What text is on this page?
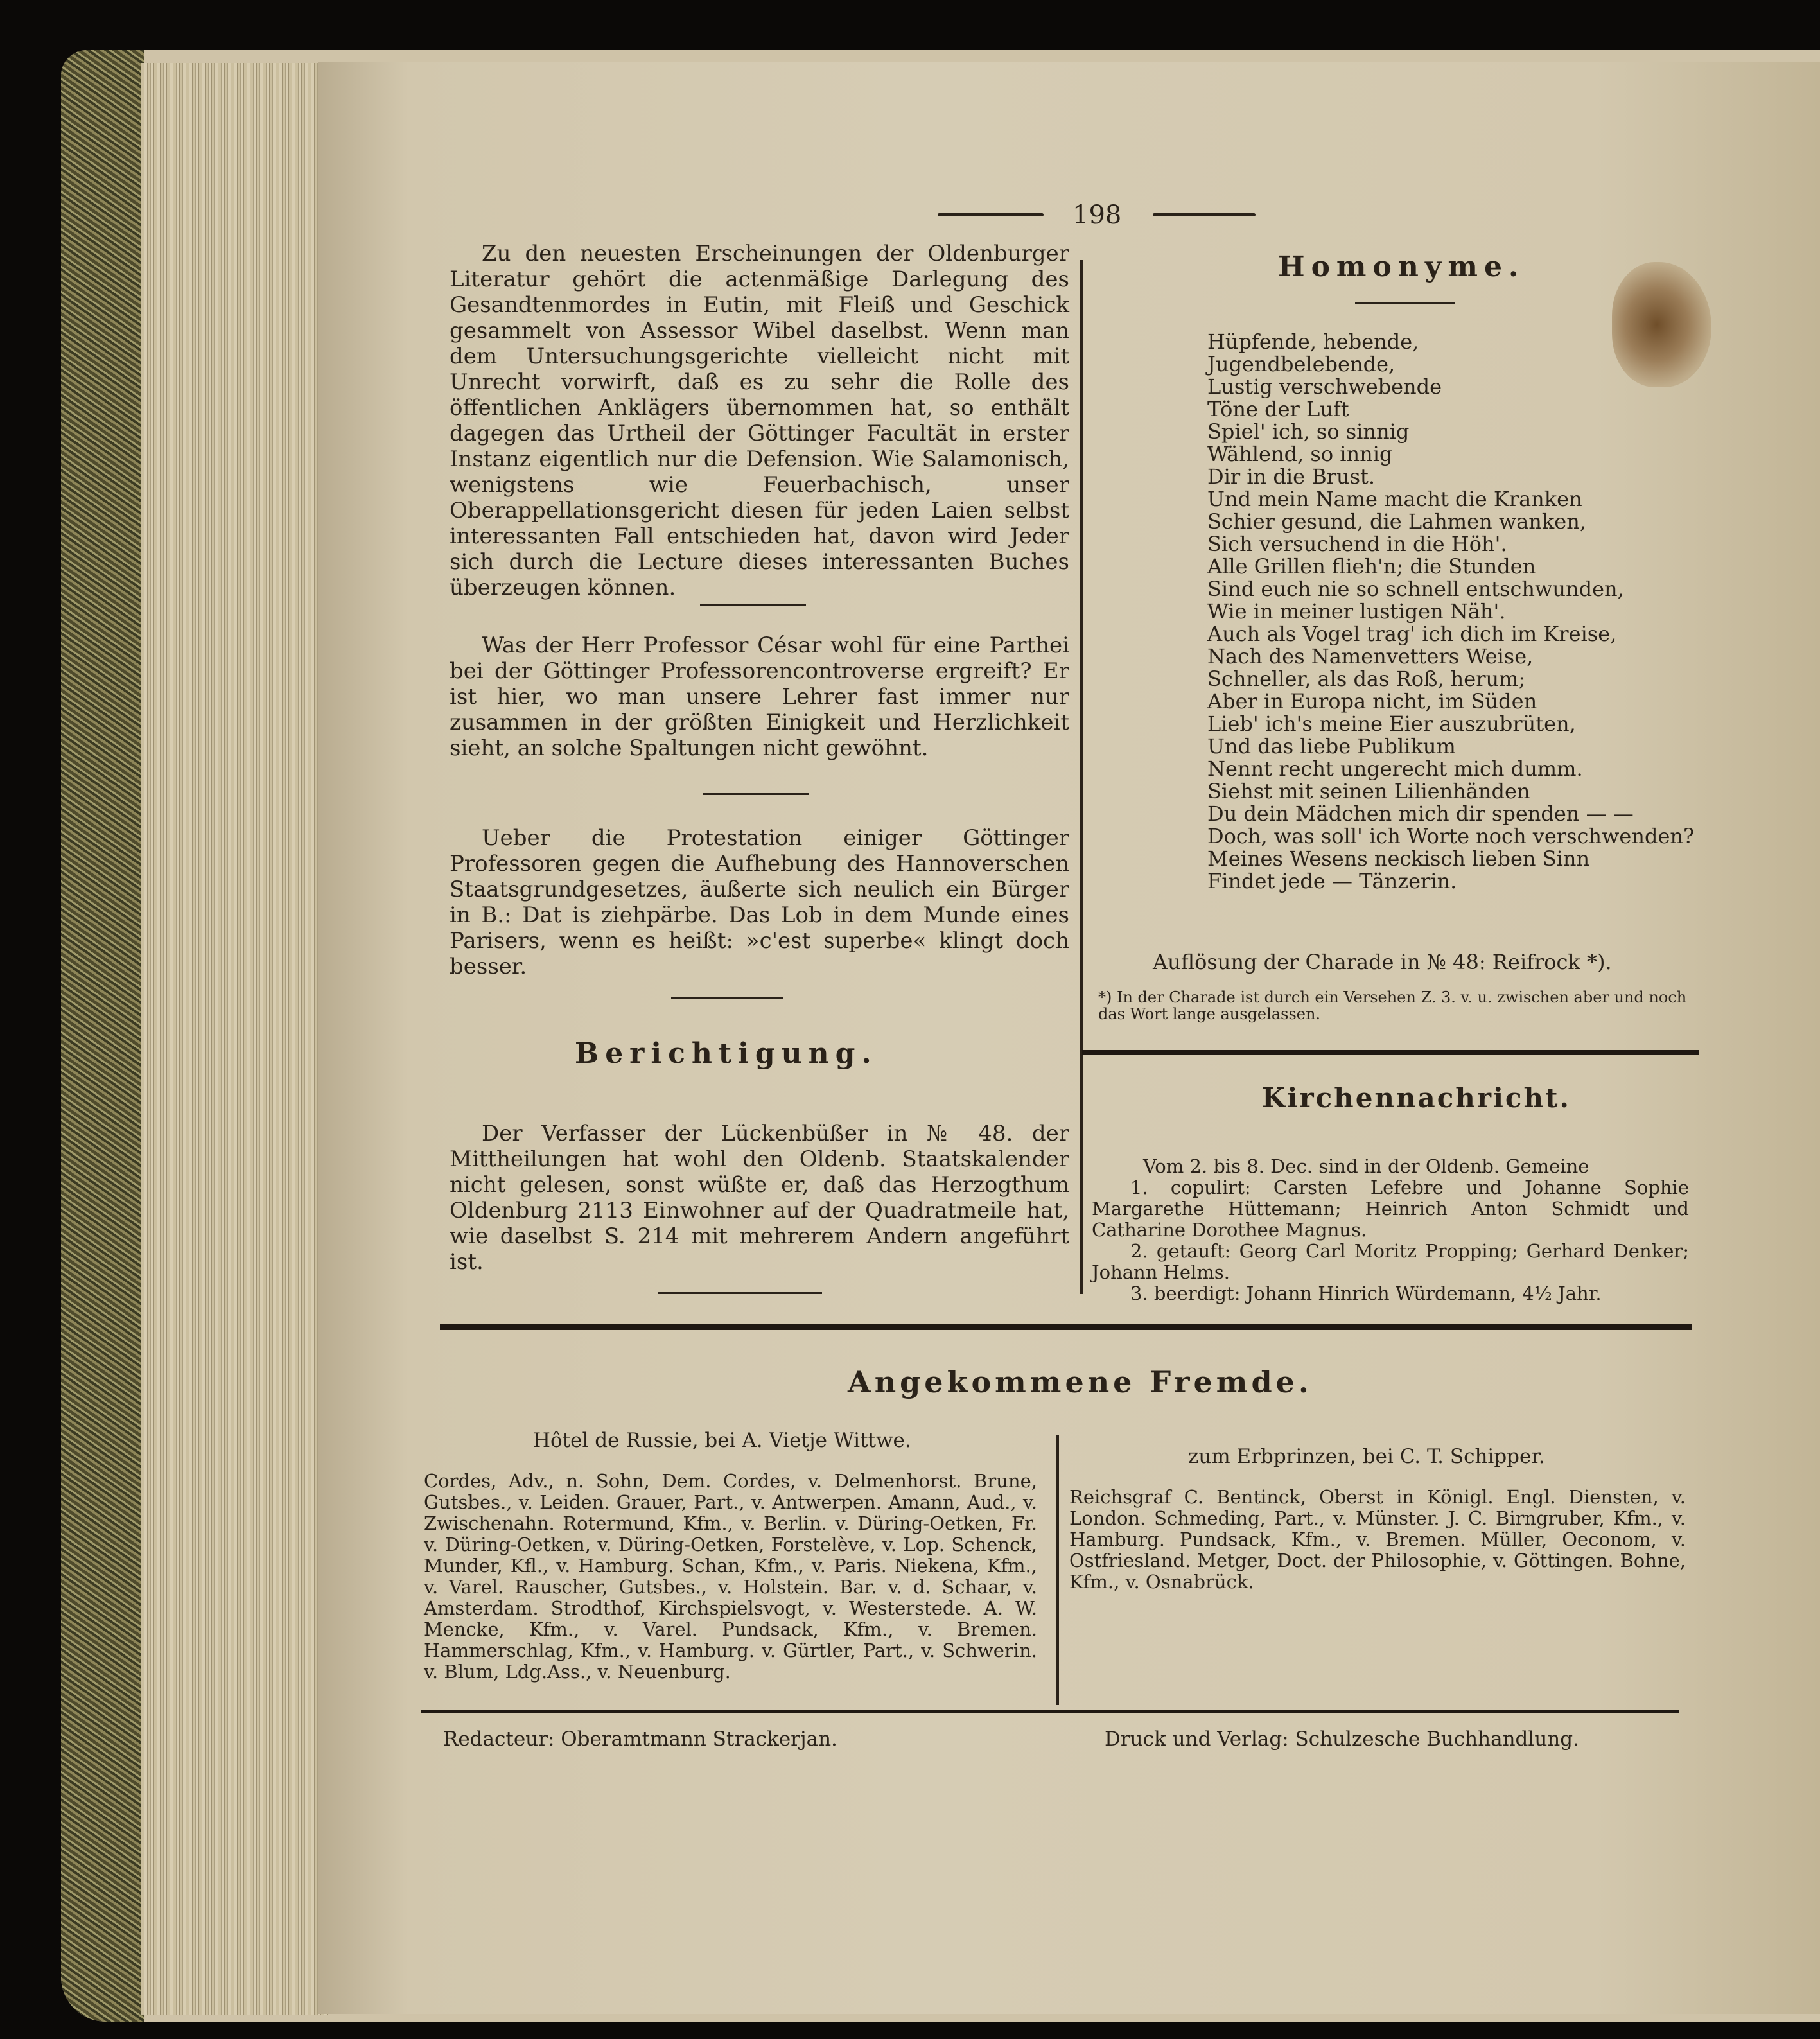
198

Zu den neuesten Erscheinungen der Oldenburger Literatur gehört die actenmäßige Darlegung des Gesandtenmordes in Eutin, mit Fleiß und Geschick gesammelt von Assessor Wibel daselbst. Wenn man dem Untersuchungsgerichte vielleicht nicht mit Unrecht vorwirft, daß es zu sehr die Rolle des öffentlichen Anklägers übernommen hat, so enthält dagegen das Urtheil der Göttinger Facultät in erster Instanz eigentlich nur die Defension. Wie Salamonisch, wenigstens wie Feuerbachisch, unser Oberappellationsgericht diesen für jeden Laien selbst interessanten Fall entschieden hat, davon wird Jeder sich durch die Lecture dieses interessanten Buches überzeugen können.

Was der Herr Professor César wohl für eine Parthei bei der Göttinger Professorencontroverse ergreift? Er ist hier, wo man unsere Lehrer fast immer nur zusammen in der größten Einigkeit und Herzlichkeit sieht, an solche Spaltungen nicht gewöhnt.

Ueber die Protestation einiger Göttinger Professoren gegen die Aufhebung des Hannoverschen Staatsgrundgesetzes, äußerte sich neulich ein Bürger in B.: Dat is ziehpärbe. Das Lob in dem Munde eines Parisers, wenn es heißt: »c'est superbe« klingt doch besser.

Berichtigung.

Der Verfasser der Lückenbüßer in № 48. der Mittheilungen hat wohl den Oldenb. Staatskalender nicht gelesen, sonst wüßte er, daß das Herzogthum Oldenburg 2113 Einwohner auf der Quadratmeile hat, wie daselbst S. 214 mit mehrerem Andern angeführt ist.

Homonyme.
Hüpfende, hebende,
Jugendbelebende,
Lustig verschwebende
Töne der Luft
Spiel' ich, so sinnig
Wählend, so innig
Dir in die Brust.
Und mein Name macht die Kranken
Schier gesund, die Lahmen wanken,
Sich versuchend in die Höh'.
Alle Grillen flieh'n; die Stunden
Sind euch nie so schnell entschwunden,
Wie in meiner lustigen Näh'.
Auch als Vogel trag' ich dich im Kreise,
Nach des Namenvetters Weise,
Schneller, als das Roß, herum;
Aber in Europa nicht, im Süden
Lieb' ich's meine Eier auszubrüten,
Und das liebe Publikum
Nennt recht ungerecht mich dumm.
Siehst mit seinen Lilienhänden
Du dein Mädchen mich dir spenden — —
Doch, was soll' ich Worte noch verschwenden?
Meines Wesens neckisch lieben Sinn
Findet jede — Tänzerin.
Auflösung der Charade in № 48: Reifrock *).
*) In der Charade ist durch ein Versehen Z. 3. v. u. zwischen aber und noch das Wort lange ausgelassen.
Kirchennachricht.

Vom 2. bis 8. Dec. sind in der Oldenb. Gemeine

1. copulirt: Carsten Lefebre und Johanne Sophie Margarethe Hüttemann; Heinrich Anton Schmidt und Catharine Dorothee Magnus.

2. getauft: Georg Carl Moritz Propping; Gerhard Denker; Johann Helms.

3. beerdigt: Johann Hinrich Würdemann, 4½ Jahr.

Angekommene Fremde.
Hôtel de Russie, bei A. Vietje Wittwe.

Cordes, Adv., n. Sohn, Dem. Cordes, v. Delmenhorst. Brune, Gutsbes., v. Leiden. Grauer, Part., v. Antwerpen. Amann, Aud., v. Zwischenahn. Rotermund, Kfm., v. Berlin. v. Düring-Oetken, Fr. v. Düring-Oetken, v. Düring-Oetken, Forstelève, v. Lop. Schenck, Munder, Kfl., v. Hamburg. Schan, Kfm., v. Paris. Niekena, Kfm., v. Varel. Rauscher, Gutsbes., v. Holstein. Bar. v. d. Schaar, v. Amsterdam. Strodthof, Kirchspielsvogt, v. Westerstede. A. W. Mencke, Kfm., v. Varel. Pundsack, Kfm., v. Bremen. Hammerschlag, Kfm., v. Hamburg. v. Gürtler, Part., v. Schwerin. v. Blum, Ldg.Ass., v. Neuenburg.

zum Erbprinzen, bei C. T. Schipper.

Reichsgraf C. Bentinck, Oberst in Königl. Engl. Diensten, v. London. Schmeding, Part., v. Münster. J. C. Birngruber, Kfm., v. Hamburg. Pundsack, Kfm., v. Bremen. Müller, Oeconom, v. Ostfriesland. Metger, Doct. der Philosophie, v. Göttingen. Bohne, Kfm., v. Osnabrück.

Redacteur: Oberamtmann Strackerjan.	Druck und Verlag: Schulzesche Buchhandlung.
